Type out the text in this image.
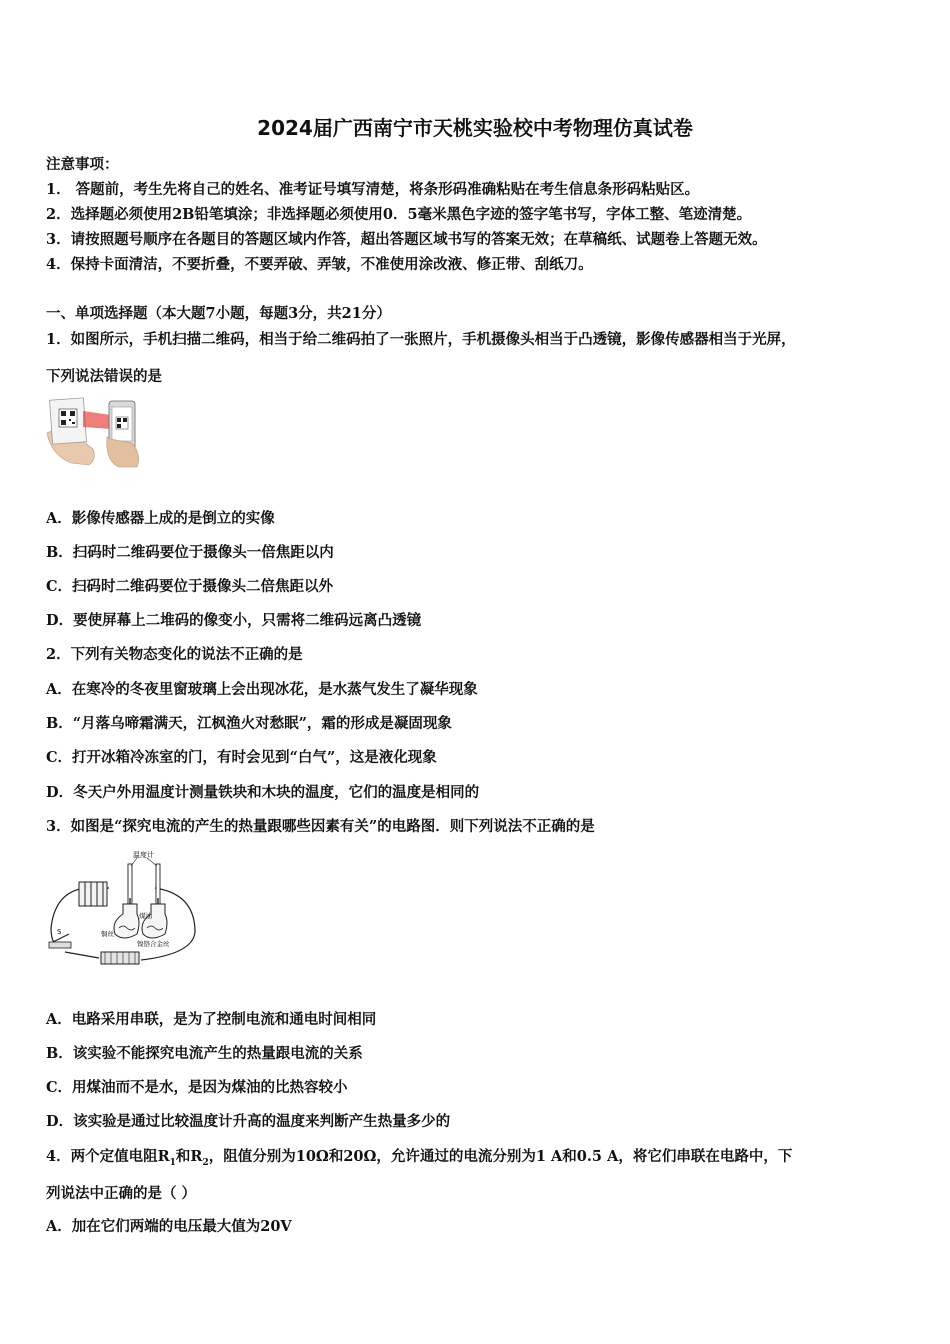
2024届广西南宁市天桃实验校中考物理仿真试卷
注意事项：
1． 答题前，考生先将自己的姓名、准考证号填写清楚，将条形码准确粘贴在考生信息条形码粘贴区。
2．选择题必须使用2B铅笔填涂；非选择题必须使用0．5毫米黑色字迹的签字笔书写，字体工整、笔迹清楚。
3．请按照题号顺序在各题目的答题区域内作答，超出答题区域书写的答案无效；在草稿纸、试题卷上答题无效。
4．保持卡面清洁，不要折叠，不要弄破、弄皱，不准使用涂改液、修正带、刮纸刀。
一、单项选择题（本大题7小题，每题3分，共21分）
1．如图所示，手机扫描二维码，相当于给二维码拍了一张照片，手机摄像头相当于凸透镜，影像传感器相当于光屏，
下列说法错误的是
A．影像传感器上成的是倒立的实像
B．扫码时二维码要位于摄像头一倍焦距以内
C．扫码时二维码要位于摄像头二倍焦距以外
D．要使屏幕上二堆码的像变小，只需将二维码远离凸透镜
2．下列有关物态变化的说法不正确的是
A．在寒冷的冬夜里窗玻璃上会出现冰花，是水蒸气发生了凝华现象
B．“月落乌啼霜满天，江枫渔火对愁眠”，霜的形成是凝固现象
C．打开冰箱冷冻室的门，有时会见到“白气”，这是液化现象
D．冬天户外用温度计测量铁块和木块的温度，它们的温度是相同的
3．如图是“探究电流的产生的热量跟哪些因素有关”的电路图．则下列说法不正确的是
温度计
煤油
铜丝
镍铬合金丝
S
A．电路采用串联，是为了控制电流和通电时间相同
B．该实验不能探究电流产生的热量跟电流的关系
C．用煤油而不是水，是因为煤油的比热容较小
D．该实验是通过比较温度计升高的温度来判断产生热量多少的
4．两个定值电阻$R_1$和$R_2$，阻值分别为10Ω和20Ω，允许通过的电流分别为1 A和0.5 A，将它们串联在电路中，下
列说法中正确的是（ ）
A．加在它们两端的电压最大值为20V
